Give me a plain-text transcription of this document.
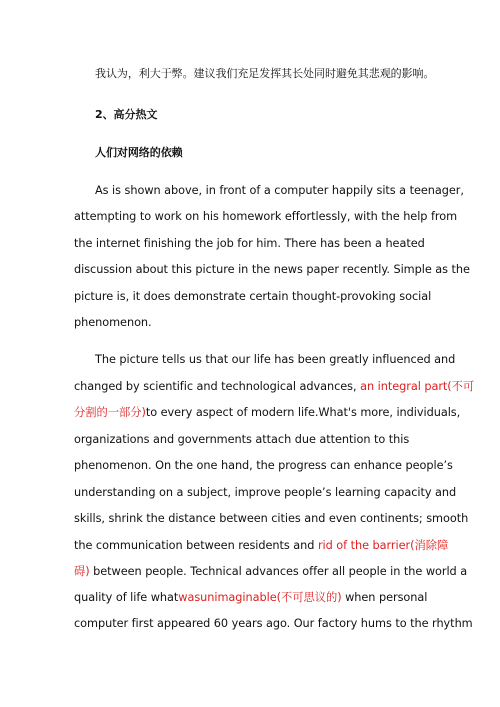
我认为，利大于弊。建议我们充足发挥其长处同时避免其悲观的影响。
2、高分热文
人们对网络的依赖
As is shown above, in front of a computer happily sits a teenager,
attempting to work on his homework effortlessly, with the help from
the internet finishing the job for him. There has been a heated
discussion about this picture in the news paper recently. Simple as the
picture is, it does demonstrate certain thought-provoking social
phenomenon.
The picture tells us that our life has been greatly influenced and
changed by scientific and technological advances, an integral part(不可
分割的一部分)to every aspect of modern life.What's more, individuals,
organizations and governments attach due attention to this
phenomenon. On the one hand, the progress can enhance people’s
understanding on a subject, improve people’s learning capacity and
skills, shrink the distance between cities and even continents; smooth
the communication between residents and rid of the barrier(消除障
碍) between people. Technical advances offer all people in the world a
quality of life whatwasunimaginable(不可思议的) when personal
computer first appeared 60 years ago. Our factory hums to the rhythm
